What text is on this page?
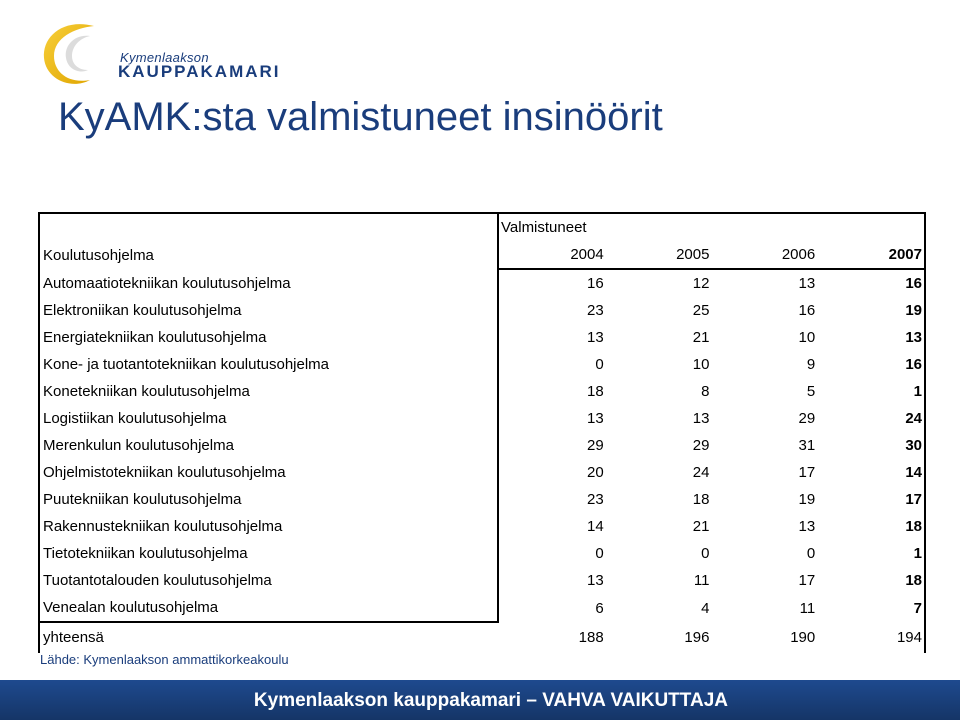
Kymenlaakson
KAUPPAKAMARI
KyAMK:sta valmistuneet insinöörit
	Valmistuneet			
Koulutusohjelma	2004	2005	2006	2007
Automaatiotekniikan koulutusohjelma	16	12	13	16
Elektroniikan koulutusohjelma	23	25	16	19
Energiatekniikan koulutusohjelma	13	21	10	13
Kone- ja tuotantotekniikan koulutusohjelma	0	10	9	16
Konetekniikan koulutusohjelma	18	8	5	1
Logistiikan koulutusohjelma	13	13	29	24
Merenkulun koulutusohjelma	29	29	31	30
Ohjelmistotekniikan koulutusohjelma	20	24	17	14
Puutekniikan koulutusohjelma	23	18	19	17
Rakennustekniikan koulutusohjelma	14	21	13	18
Tietotekniikan koulutusohjelma	0	0	0	1
Tuotantotalouden koulutusohjelma	13	11	17	18
Venealan koulutusohjelma	6	4	11	7
yhteensä	188	196	190	194
Lähde: Kymenlaakson ammattikorkeakoulu
Kymenlaakson kauppakamari – VAHVA VAIKUTTAJA
